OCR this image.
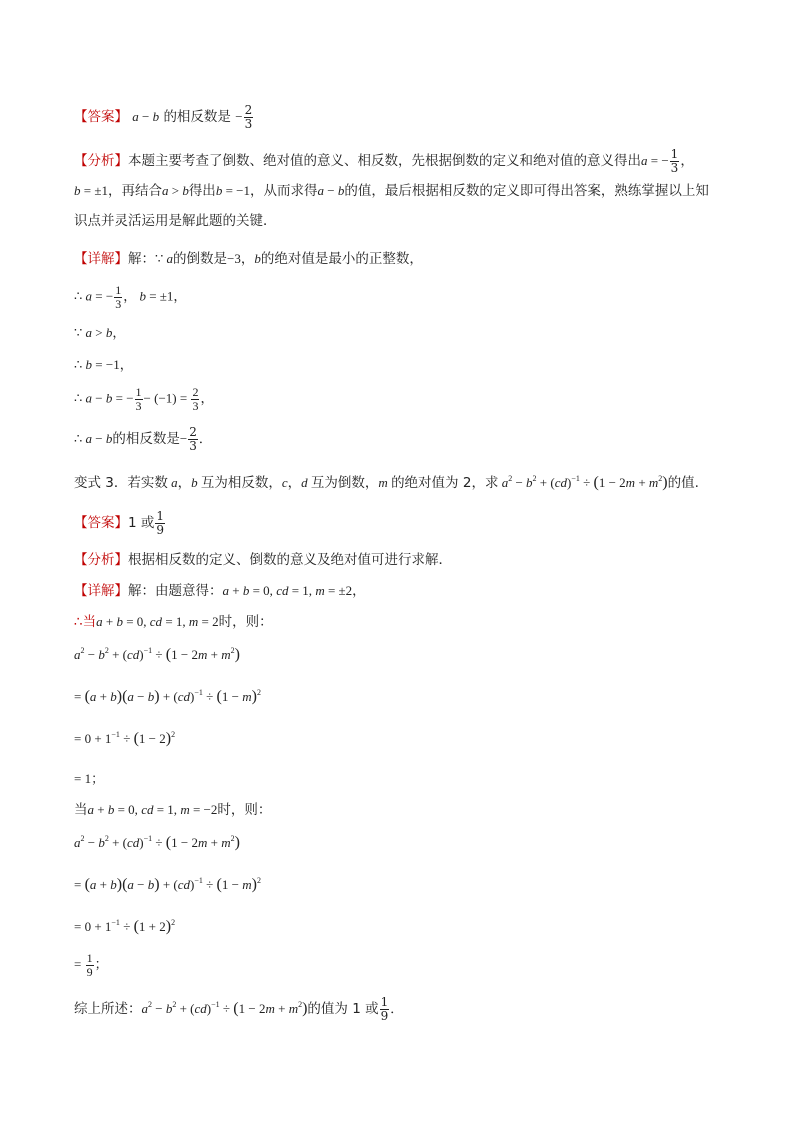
【答案】 a − b 的相反数是 − $\frac{2}{3}$
【分析】本题主要考查了倒数、绝对值的意义、相反数，先根据倒数的定义和绝对值的意义得出a = − $\frac{1}{3}$ ，
b = ±1，再结合a > b得出b = −1，从而求得a − b的值，最后根据相反数的定义即可得出答案，熟练掌握以上知识点并灵活运用是解此题的关键．
【详解】解：∵ a的倒数是−3，b的绝对值是最小的正整数，
∴ a = − $\frac{1}{3}$ ， b = ±1，
∵ a > b，
∴ b = −1，
∴ a − b = − $\frac{1}{3} - (-1) = \frac{2}{3}$ ，
∴ a − b的相反数是− $\frac{2}{3}$ ．
变式 3．若实数 a，b 互为相反数，c，d 互为倒数，m 的绝对值为 2，求 $a^2 - b^2 + (cd)^{-1} \div (1 - 2m + m^2)$的值.
【答案】1 或 $\frac{1}{9}$
【分析】根据相反数的定义、倒数的意义及绝对值可进行求解．
【详解】解：由题意得：a + b = 0, cd = 1, m = ±2，
∴当a + b = 0, cd = 1, m = 2时，则：
$a^2 - b^2 + (cd)^{-1} \div (1 - 2m + m^2)$
= $(a + b)(a - b) + (cd)^{-1} \div (1 - m)^2$
= $0 + 1^{-1} \div (1 - 2)^2$
= 1；
当a + b = 0, cd = 1, m = −2时，则：
$a^2 - b^2 + (cd)^{-1} \div (1 - 2m + m^2)$
= $(a + b)(a - b) + (cd)^{-1} \div (1 - m)^2$
= $0 + 1^{-1} \div (1 + 2)^2$
= $\frac{1}{9}$ ；
综上所述：$a^2 - b^2 + (cd)^{-1} \div (1 - 2m + m^2)$的值为 1 或 $\frac{1}{9}$ ．
